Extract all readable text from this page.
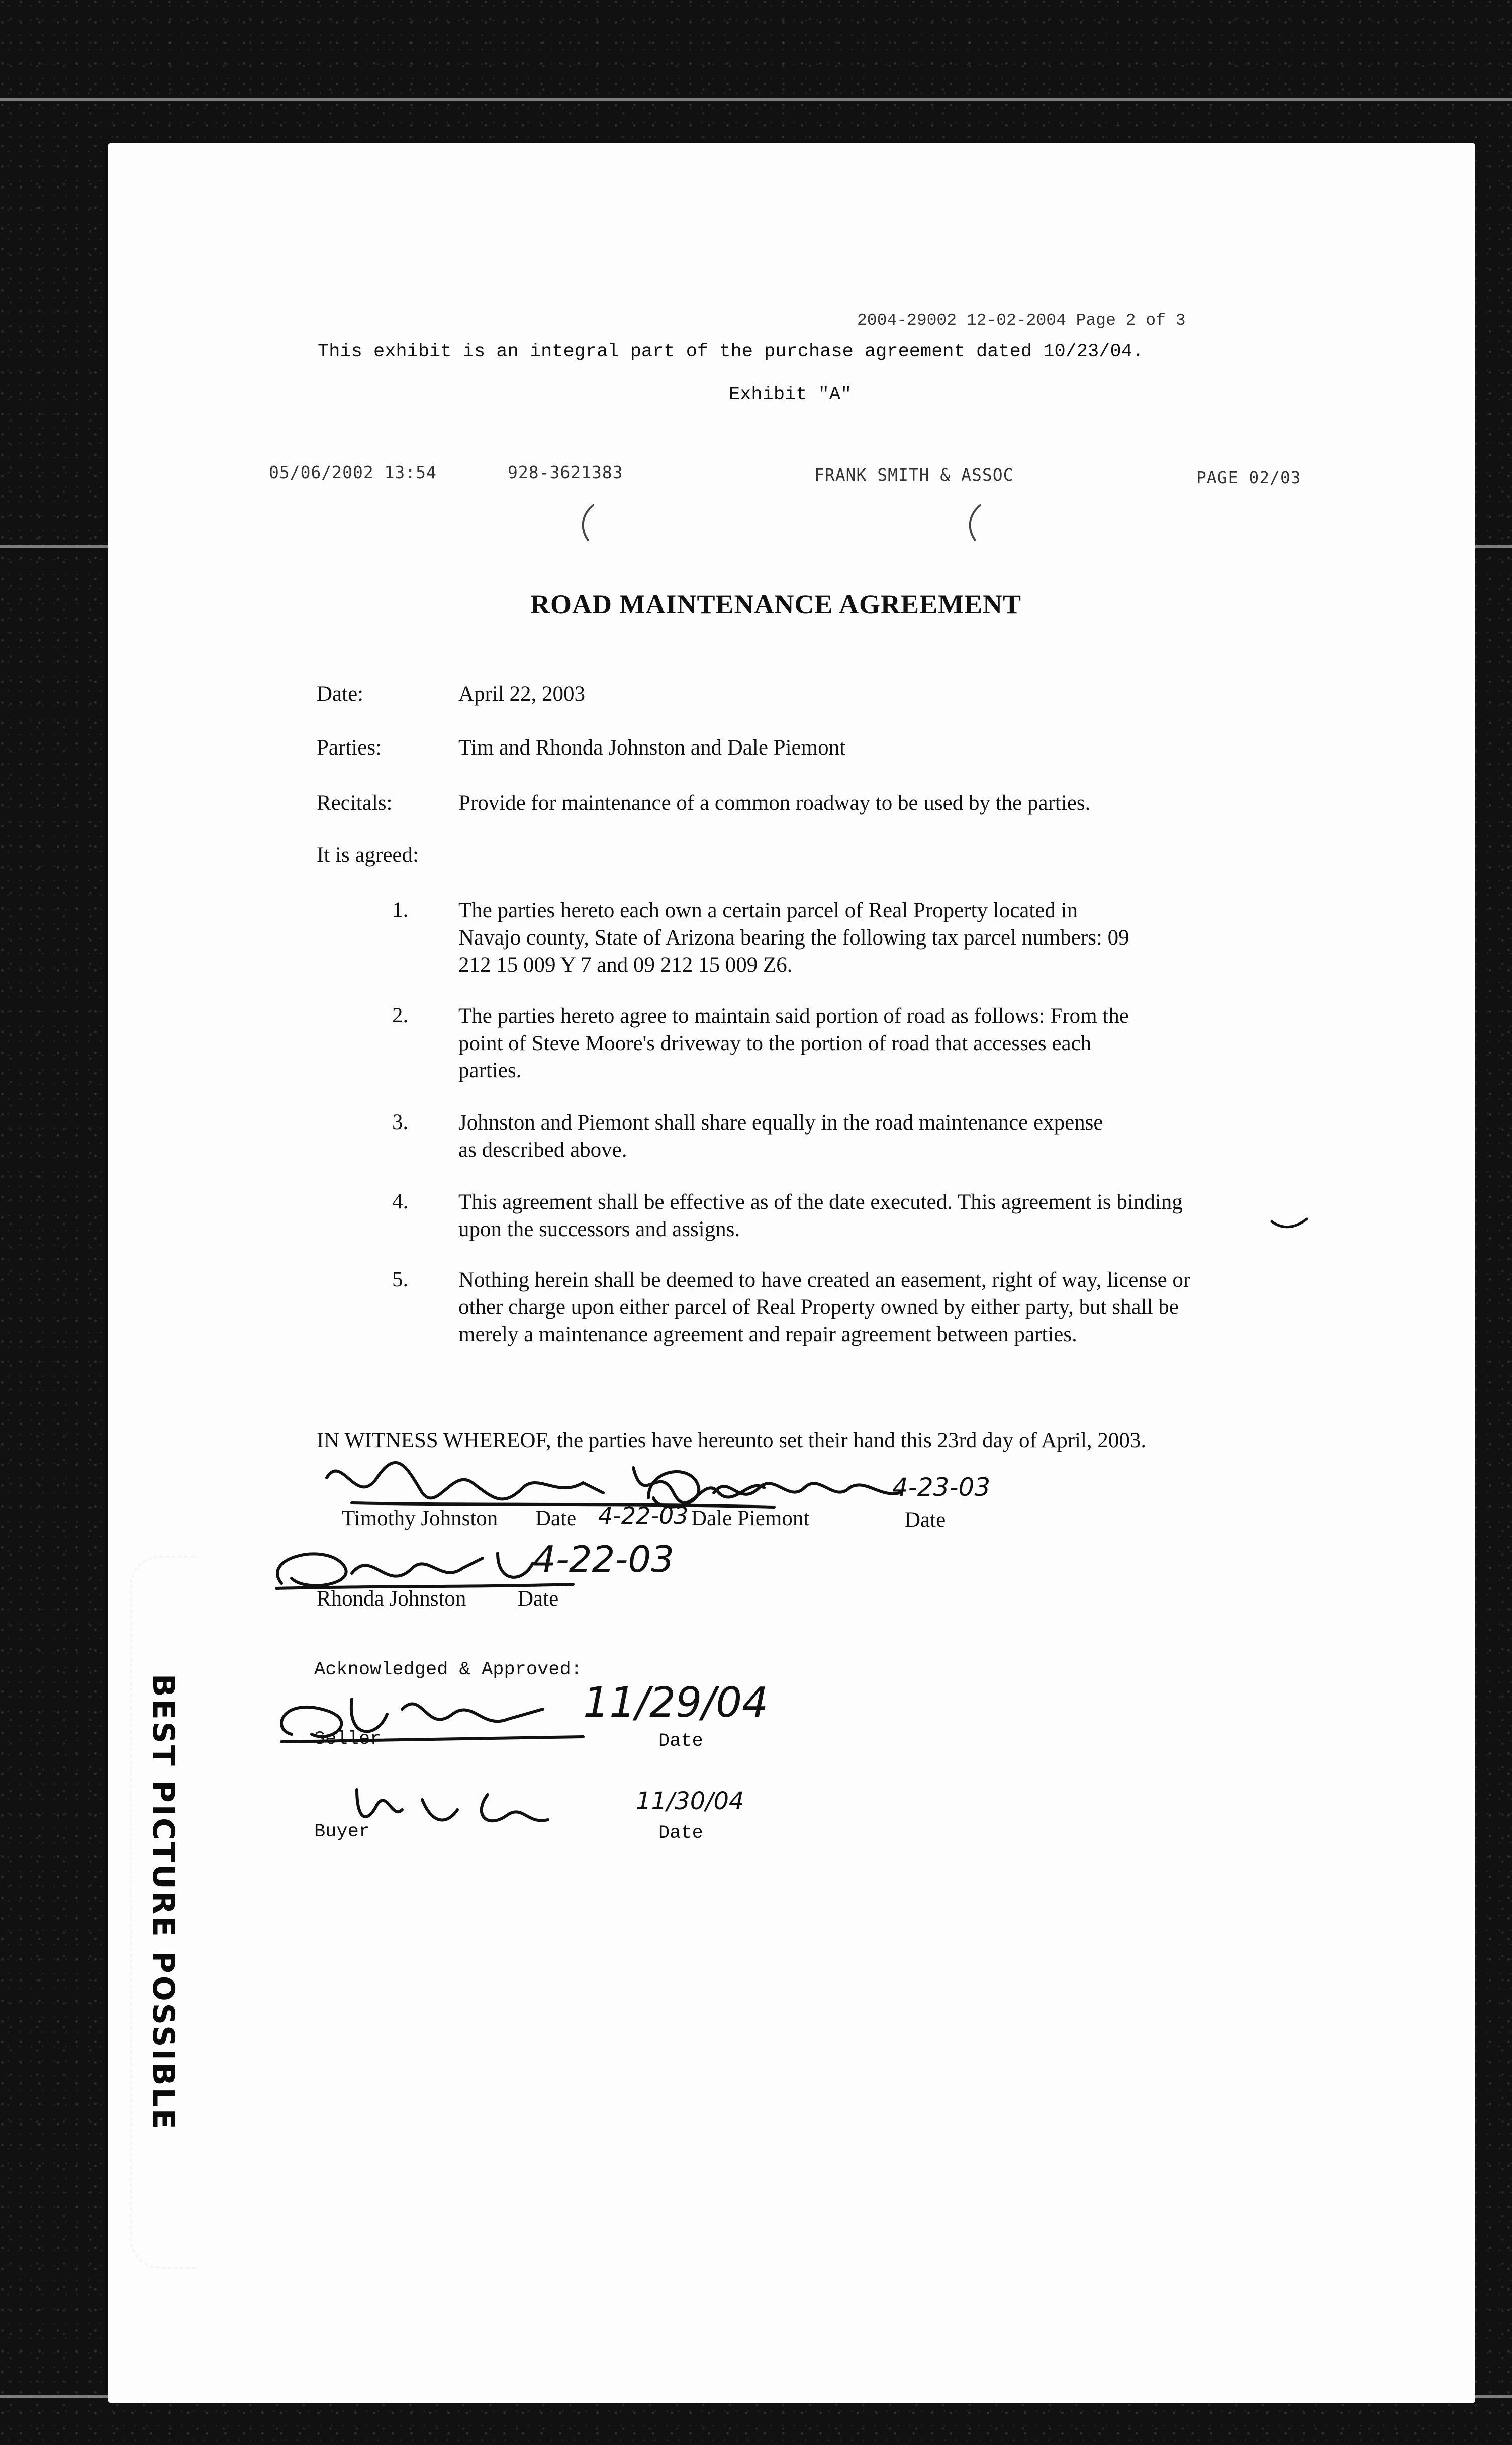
2004-29002 12-02-2004 Page 2 of 3
This exhibit is an integral part of the purchase agreement dated 10/23/04.
Exhibit "A"
05/06/2002 13:54	928-3621383	FRANK SMITH & ASSOC	PAGE 02/03
ROAD MAINTENANCE AGREEMENT
Date:	April 22, 2003
Parties:	Tim and Rhonda Johnston and Dale Piemont
Recitals:	Provide for maintenance of a common roadway to be used by the parties.
It is agreed:
1. The parties hereto each own a certain parcel of Real Property located in Navajo county, State of Arizona bearing the following tax parcel numbers: 09 212 15 009 Y 7 and 09 212 15 009 Z6.
2. The parties hereto agree to maintain said portion of road as follows: From the point of Steve Moore's driveway to the portion of road that accesses each parties.
3. Johnston and Piemont shall share equally in the road maintenance expense as described above.
4. This agreement shall be effective as of the date executed. This agreement is binding upon the successors and assigns.
5. Nothing herein shall be deemed to have created an easement, right of way, license or other charge upon either parcel of Real Property owned by either party, but shall be merely a maintenance agreement and repair agreement between parties.
IN WITNESS WHEREOF, the parties have hereunto set their hand this 23rd day of April, 2003.
4-23-03
4-22-03
Timothy Johnston Date	Dale Piemont	Date
4-22-03
Rhonda Johnston Date
Acknowledged & Approved:
11/29/04
Seller	Date
11/30/04
Buyer	Date
BEST PICTURE POSSIBLE
